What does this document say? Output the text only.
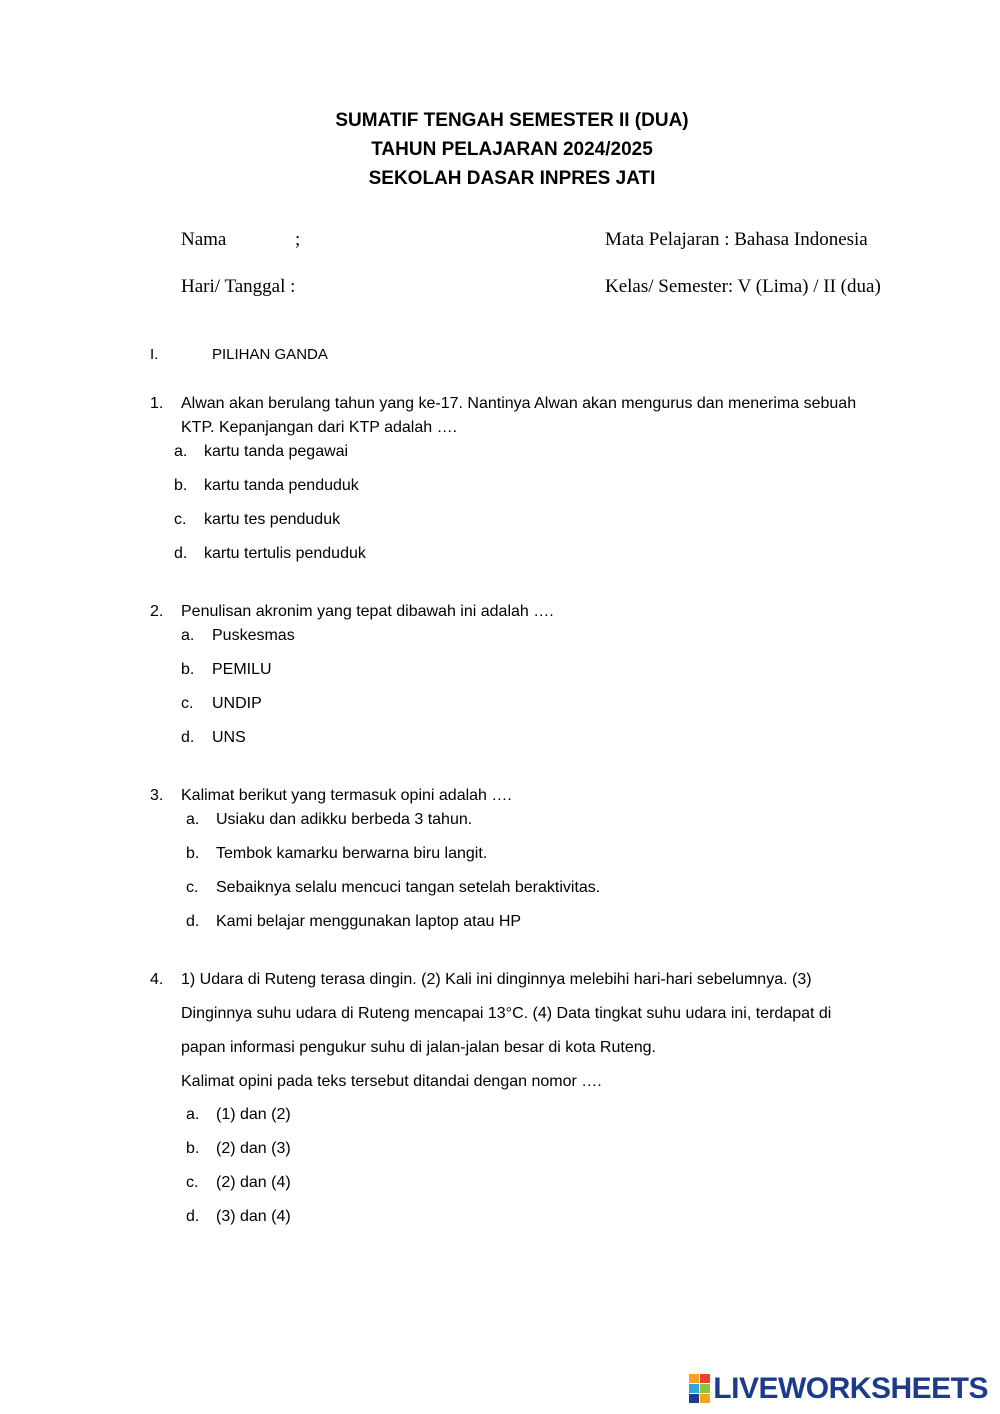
SUMATIF TENGAH SEMESTER II (DUA)
TAHUN PELAJARAN 2024/2025
SEKOLAH DASAR INPRES JATI
Nama	;
Hari/ Tanggal :
Mata Pelajaran : Bahasa Indonesia
Kelas/ Semester: V (Lima) / II (dua)
I.	PILIHAN GANDA
1. Alwan akan berulang tahun yang ke-17. Nantinya Alwan akan mengurus dan menerima sebuah
KTP. Kepanjangan dari KTP adalah ….
a. kartu tanda pegawai
b. kartu tanda penduduk
c. kartu tes penduduk
d. kartu tertulis penduduk
2. Penulisan akronim yang tepat dibawah ini adalah ….
a. Puskesmas
b. PEMILU
c. UNDIP
d. UNS
3. Kalimat berikut yang termasuk opini adalah ….
a. Usiaku dan adikku berbeda 3 tahun.
b. Tembok kamarku berwarna biru langit.
c. Sebaiknya selalu mencuci tangan setelah beraktivitas.
d. Kami belajar menggunakan laptop atau HP
4. 1) Udara di Ruteng terasa dingin. (2) Kali ini dinginnya melebihi hari-hari sebelumnya. (3)
Dinginnya suhu udara di Ruteng mencapai 13°C. (4) Data tingkat suhu udara ini, terdapat di
papan informasi pengukur suhu di jalan-jalan besar di kota Ruteng.
Kalimat opini pada teks tersebut ditandai dengan nomor ….
a. (1) dan (2)
b. (2) dan (3)
c. (2) dan (4)
d. (3) dan (4)
LIVEWORKSHEETS
